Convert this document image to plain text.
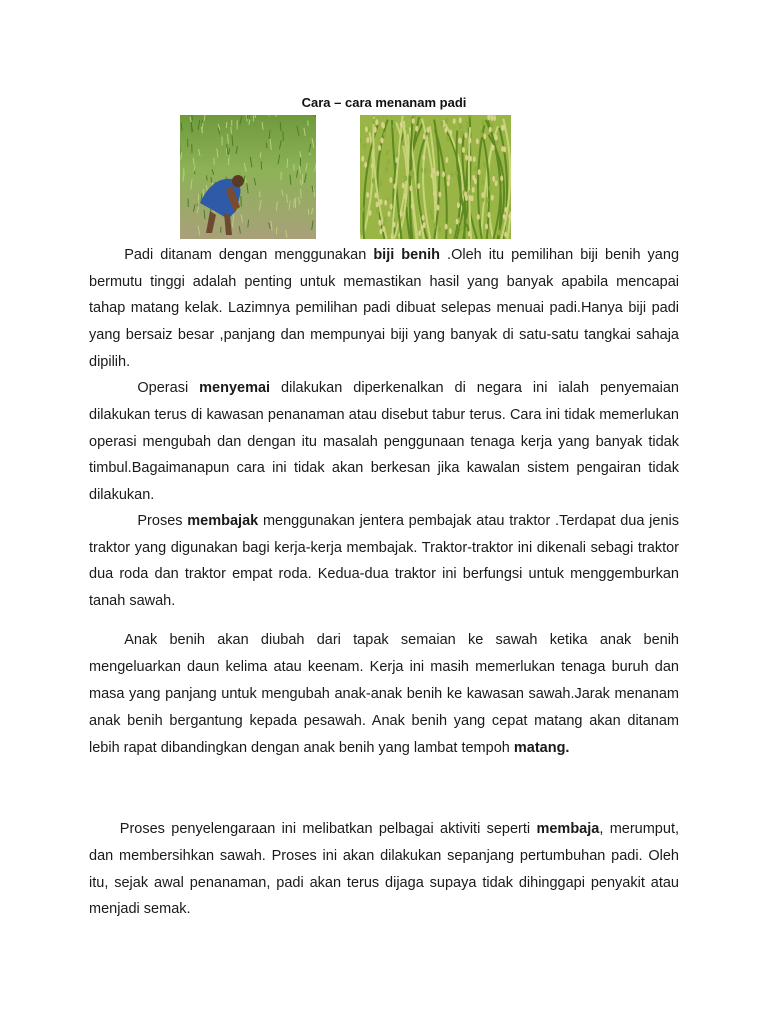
Cara – cara menanam padi

Padi ditanam dengan menggunakan biji benih .Oleh itu pemilihan biji benih yang bermutu tinggi adalah penting untuk memastikan hasil yang banyak apabila mencapai tahap matang kelak. Lazimnya pemilihan padi dibuat selepas menuai padi.Hanya biji padi yang bersaiz besar ,panjang dan mempunyai biji yang banyak di satu-satu tangkai sahaja dipilih.

Operasi menyemai dilakukan diperkenalkan di negara ini ialah penyemaian dilakukan terus di kawasan penanaman atau disebut tabur terus. Cara ini tidak memerlukan operasi mengubah dan dengan itu masalah penggunaan tenaga kerja yang banyak tidak timbul.Bagaimanapun cara ini tidak akan berkesan jika kawalan sistem pengairan tidak dilakukan.

Proses membajak menggunakan jentera pembajak atau traktor .Terdapat dua jenis traktor yang digunakan bagi kerja-kerja membajak. Traktor-traktor ini dikenali sebagi traktor dua roda dan traktor empat roda. Kedua-dua traktor ini berfungsi untuk menggemburkan tanah sawah.

Anak benih akan diubah dari tapak semaian ke sawah ketika anak benih mengeluarkan daun kelima atau keenam. Kerja ini masih memerlukan tenaga buruh dan masa yang panjang untuk mengubah anak-anak benih ke kawasan sawah.Jarak menanam anak benih bergantung kepada pesawah. Anak benih yang cepat matang akan ditanam lebih rapat dibandingkan dengan anak benih yang lambat tempoh matang.

Proses penyelengaraan ini melibatkan pelbagai aktiviti seperti membaja, merumput, dan membersihkan sawah. Proses ini akan dilakukan sepanjang pertumbuhan padi. Oleh itu, sejak awal penanaman, padi akan terus dijaga supaya tidak dihinggapi penyakit atau menjadi semak.
